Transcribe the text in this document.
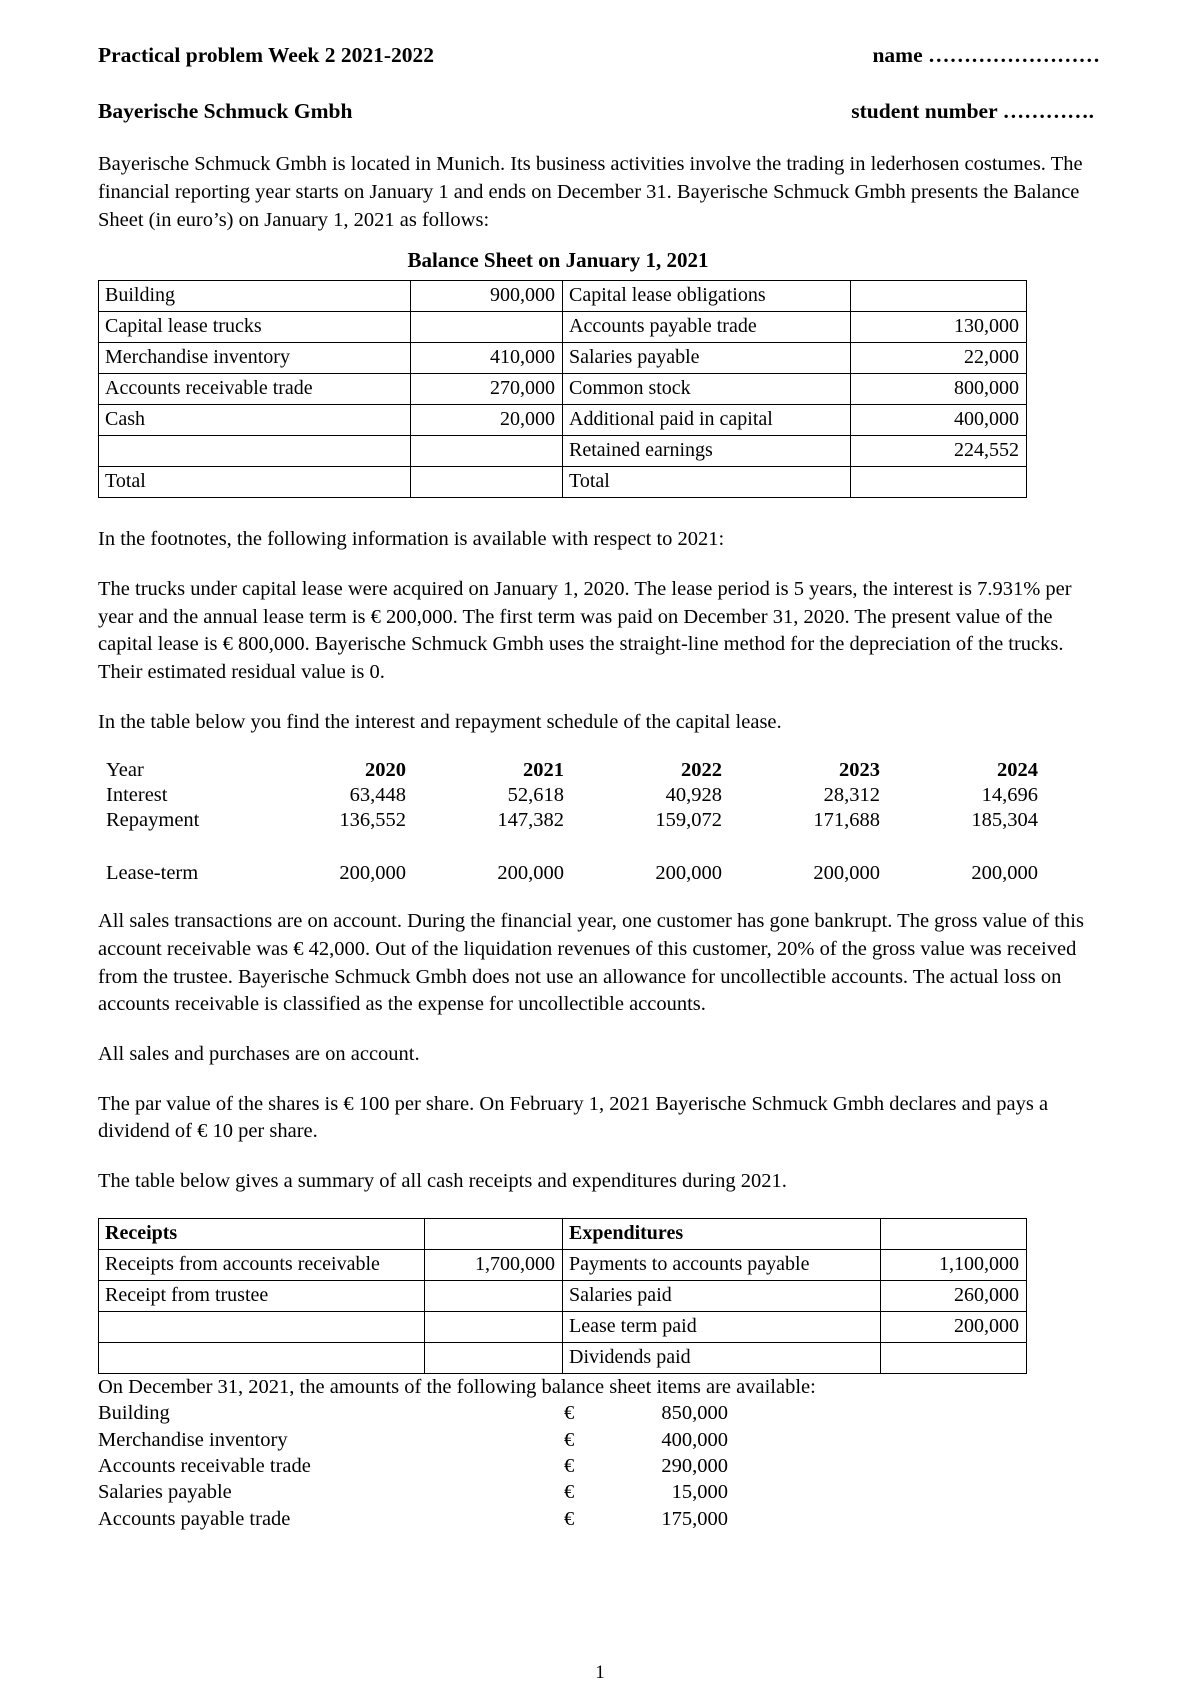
Practical problem Week 2 2021-2022	name ……………………
Bayerische Schmuck Gmbh	student number ………….

Bayerische Schmuck Gmbh is located in Munich. Its business activities involve the trading in lederhosen costumes. The financial reporting year starts on January 1 and ends on December 31. Bayerische Schmuck Gmbh presents the Balance Sheet (in euro’s) on January 1, 2021 as follows:

Balance Sheet on January 1, 2021

Building	900,000	Capital lease obligations	
Capital lease trucks		Accounts payable trade	130,000
Merchandise inventory	410,000	Salaries payable	22,000
Accounts receivable trade	270,000	Common stock	800,000
Cash	20,000	Additional paid in capital	400,000
		Retained earnings	224,552
Total		Total	

In the footnotes, the following information is available with respect to 2021:

The trucks under capital lease were acquired on January 1, 2020. The lease period is 5 years, the interest is 7.931% per year and the annual lease term is € 200,000. The first term was paid on December 31, 2020. The present value of the capital lease is € 800,000. Bayerische Schmuck Gmbh uses the straight-line method for the depreciation of the trucks. Their estimated residual value is 0.

In the table below you find the interest and repayment schedule of the capital lease.

Year	2020	2021	2022	2023	2024
Interest	63,448	52,618	40,928	28,312	14,696
Repayment	136,552	147,382	159,072	171,688	185,304

Lease-term	200,000	200,000	200,000	200,000	200,000

All sales transactions are on account. During the financial year, one customer has gone bankrupt. The gross value of this account receivable was € 42,000. Out of the liquidation revenues of this customer, 20% of the gross value was received from the trustee. Bayerische Schmuck Gmbh does not use an allowance for uncollectible accounts. The actual loss on accounts receivable is classified as the expense for uncollectible accounts.

All sales and purchases are on account.

The par value of the shares is € 100 per share. On February 1, 2021 Bayerische Schmuck Gmbh declares and pays a dividend of € 10 per share.

The table below gives a summary of all cash receipts and expenditures during 2021.

Receipts		Expenditures	
Receipts from accounts receivable	1,700,000	Payments to accounts payable	1,100,000
Receipt from trustee		Salaries paid	260,000
		Lease term paid	200,000
		Dividends paid	
On December 31, 2021, the amounts of the following balance sheet items are available:
Building	€	850,000
Merchandise inventory	€	400,000
Accounts receivable trade	€	290,000
Salaries payable	€	15,000
Accounts payable trade	€	175,000
1
